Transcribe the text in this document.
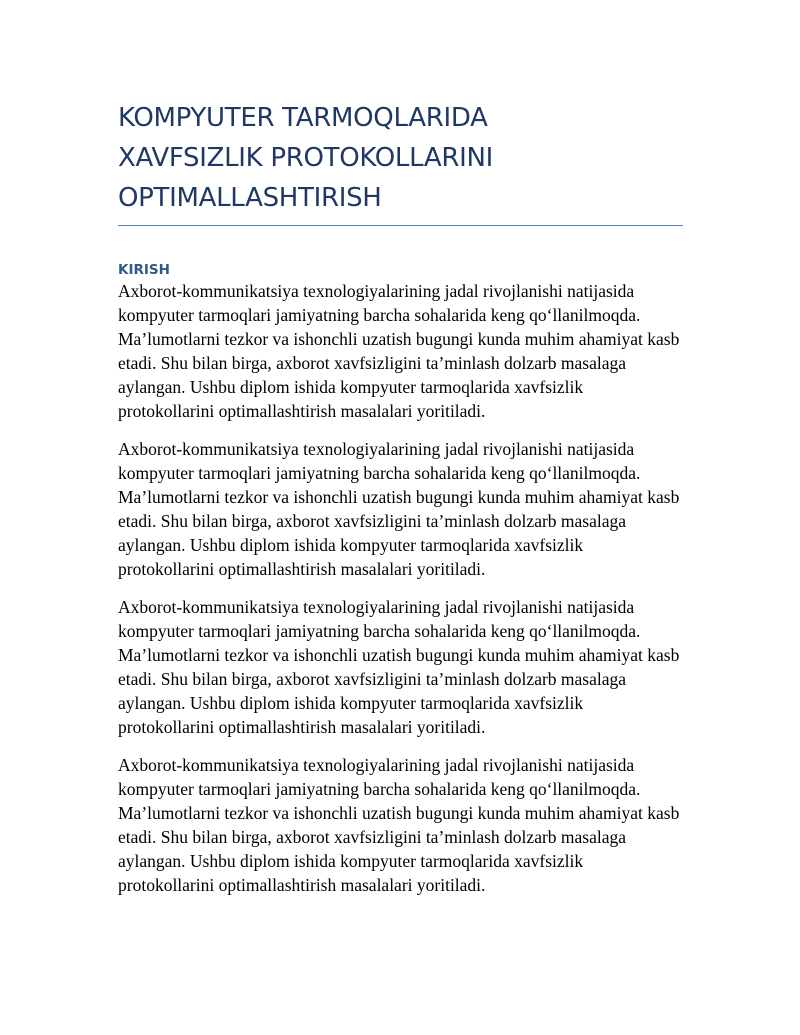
KOMPYUTER TARMOQLARIDA
XAVFSIZLIK PROTOKOLLARINI
OPTIMALLASHTIRISH
KIRISH

Axborot-kommunikatsiya texnologiyalarining jadal rivojlanishi natijasida kompyuter tarmoqlari jamiyatning barcha sohalarida keng qo‘llanilmoqda. Ma’lumotlarni tezkor va ishonchli uzatish bugungi kunda muhim ahamiyat kasb etadi. Shu bilan birga, axborot xavfsizligini ta’minlash dolzarb masalaga aylangan. Ushbu diplom ishida kompyuter tarmoqlarida xavfsizlik protokollarini optimallashtirish masalalari yoritiladi.

Axborot-kommunikatsiya texnologiyalarining jadal rivojlanishi natijasida kompyuter tarmoqlari jamiyatning barcha sohalarida keng qo‘llanilmoqda. Ma’lumotlarni tezkor va ishonchli uzatish bugungi kunda muhim ahamiyat kasb etadi. Shu bilan birga, axborot xavfsizligini ta’minlash dolzarb masalaga aylangan. Ushbu diplom ishida kompyuter tarmoqlarida xavfsizlik protokollarini optimallashtirish masalalari yoritiladi.

Axborot-kommunikatsiya texnologiyalarining jadal rivojlanishi natijasida kompyuter tarmoqlari jamiyatning barcha sohalarida keng qo‘llanilmoqda. Ma’lumotlarni tezkor va ishonchli uzatish bugungi kunda muhim ahamiyat kasb etadi. Shu bilan birga, axborot xavfsizligini ta’minlash dolzarb masalaga aylangan. Ushbu diplom ishida kompyuter tarmoqlarida xavfsizlik protokollarini optimallashtirish masalalari yoritiladi.

Axborot-kommunikatsiya texnologiyalarining jadal rivojlanishi natijasida kompyuter tarmoqlari jamiyatning barcha sohalarida keng qo‘llanilmoqda. Ma’lumotlarni tezkor va ishonchli uzatish bugungi kunda muhim ahamiyat kasb etadi. Shu bilan birga, axborot xavfsizligini ta’minlash dolzarb masalaga aylangan. Ushbu diplom ishida kompyuter tarmoqlarida xavfsizlik protokollarini optimallashtirish masalalari yoritiladi.
